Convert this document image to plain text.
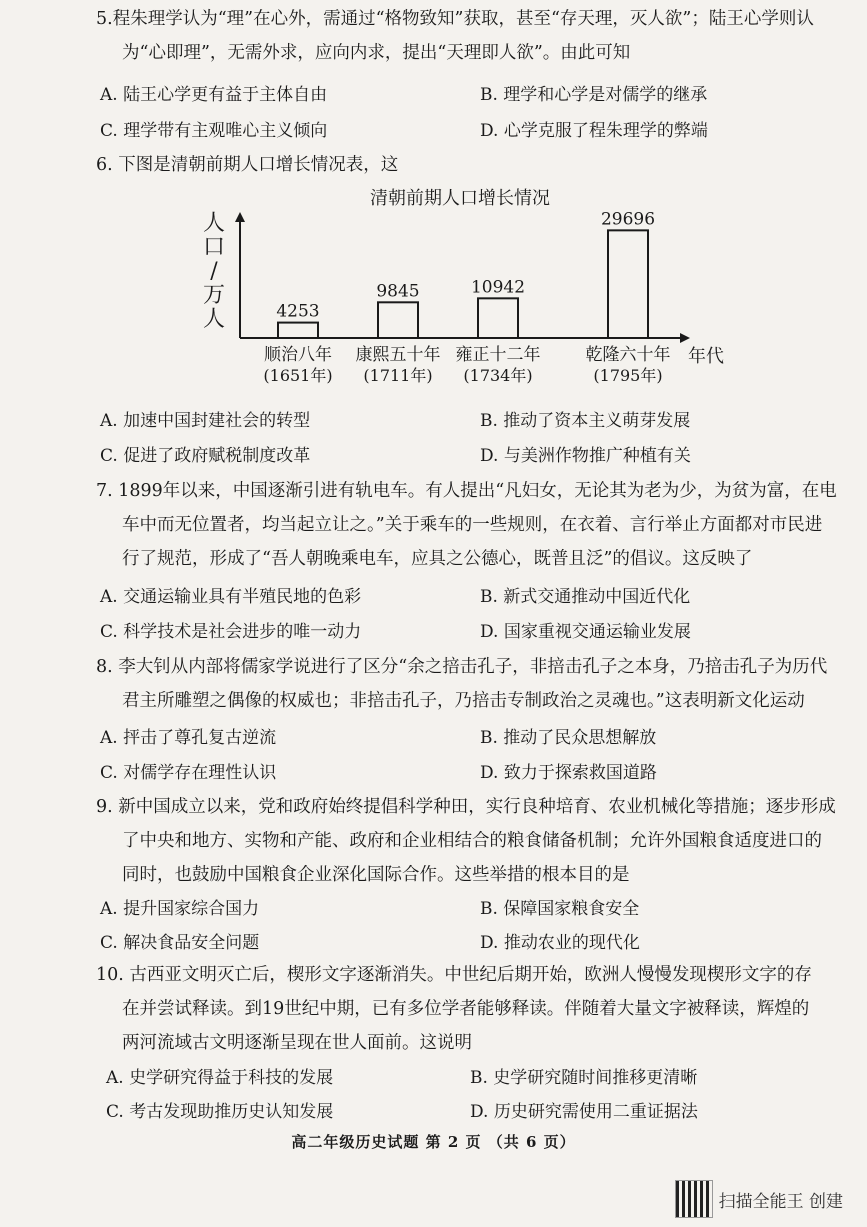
5.程朱理学认为“理”在心外，需通过“格物致知”获取，甚至“存天理，灭人欲”；陆王心学则认

为“心即理”，无需外求，应向内求，提出“天理即人欲”。由此可知

A. 陆王心学更有益于主体自由	B. 理学和心学是对儒学的继承
C. 理学带有主观唯心主义倾向	D. 心学克服了程朱理学的弊端

6. 下图是清朝前期人口增长情况表，这

清朝前期人口增长情况
人口/万人
年代
4253
顺治八年
(1651年)
9845
康熙五十年
(1711年)
10942
雍正十二年
(1734年)
29696
乾隆六十年
(1795年)
A. 加速中国封建社会的转型	B. 推动了资本主义萌芽发展
C. 促进了政府赋税制度改革	D. 与美洲作物推广种植有关

7. 1899年以来，中国逐渐引进有轨电车。有人提出“凡妇女，无论其为老为少，为贫为富，在电

车中而无位置者，均当起立让之。”关于乘车的一些规则，在衣着、言行举止方面都对市民进

行了规范，形成了“吾人朝晚乘电车，应具之公德心，既普且泛”的倡议。这反映了

A. 交通运输业具有半殖民地的色彩	B. 新式交通推动中国近代化
C. 科学技术是社会进步的唯一动力	D. 国家重视交通运输业发展

8. 李大钊从内部将儒家学说进行了区分“余之掊击孔子，非掊击孔子之本身，乃掊击孔子为历代

君主所雕塑之偶像的权威也；非掊击孔子，乃掊击专制政治之灵魂也。”这表明新文化运动

A. 抨击了尊孔复古逆流	B. 推动了民众思想解放
C. 对儒学存在理性认识	D. 致力于探索救国道路

9. 新中国成立以来，党和政府始终提倡科学种田，实行良种培育、农业机械化等措施；逐步形成

了中央和地方、实物和产能、政府和企业相结合的粮食储备机制；允许外国粮食适度进口的

同时，也鼓励中国粮食企业深化国际合作。这些举措的根本目的是

A. 提升国家综合国力	B. 保障国家粮食安全
C. 解决食品安全问题	D. 推动农业的现代化

10. 古西亚文明灭亡后，楔形文字逐渐消失。中世纪后期开始，欧洲人慢慢发现楔形文字的存

在并尝试释读。到19世纪中期，已有多位学者能够释读。伴随着大量文字被释读，辉煌的

两河流域古文明逐渐呈现在世人面前。这说明

A. 史学研究得益于科技的发展	B. 史学研究随时间推移更清晰
C. 考古发现助推历史认知发展	D. 历史研究需使用二重证据法
高二年级历史试题 第 2 页 （共 6 页）
扫描全能王 创建
